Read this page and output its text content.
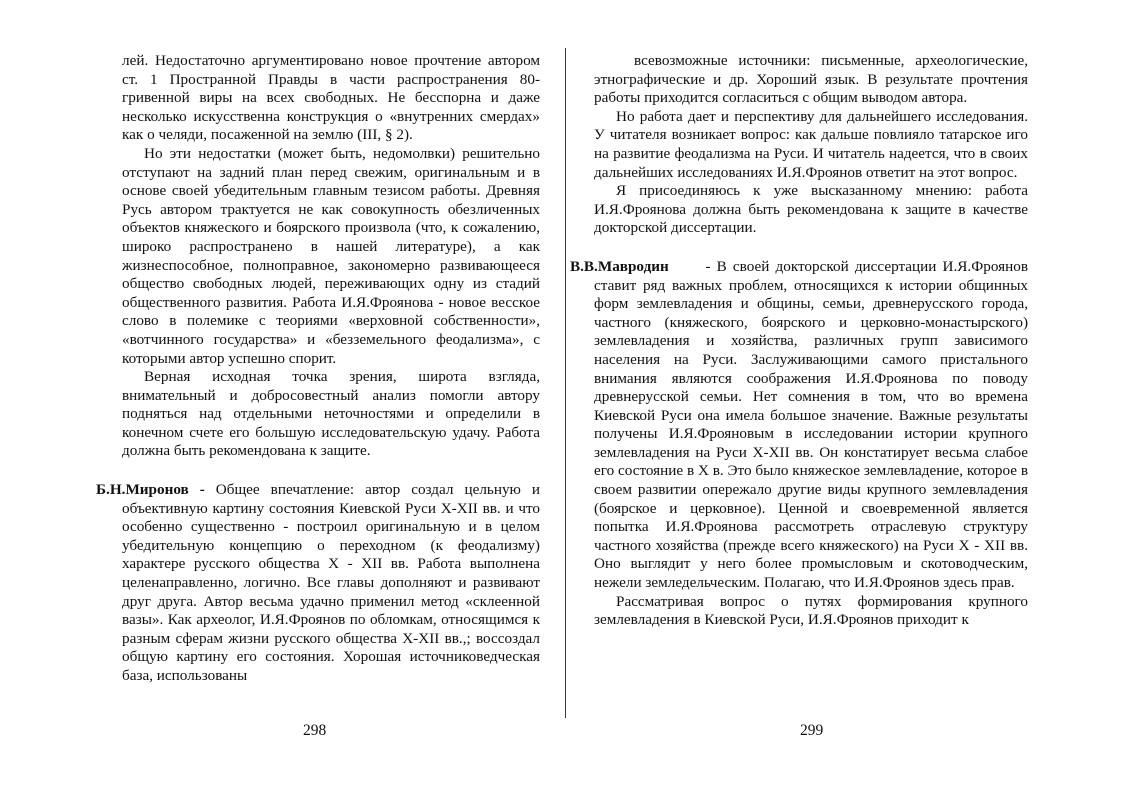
лей. Недостаточно аргументировано новое прочтение автором ст. 1 Пространной Правды в части распространения 80-гривенной виры на всех свободных. Не бесспорна и даже несколько искусственна конструкция о «внутренних смердах» как о челяди, посаженной на землю (III, § 2).

Но эти недостатки (может быть, недомолвки) решительно отступают на задний план перед свежим, оригинальным и в основе своей убедительным главным тезисом работы. Древняя Русь автором трактуется не как совокупность обезличенных объектов княжеского и боярского произвола (что, к сожалению, широко распространено в нашей литературе), а как жизнеспособное, полноправное, закономерно развивающееся общество свободных людей, переживающих одну из стадий общественного развития. Работа И.Я.Фроянова - новое весское слово в полемике с теориями «верховной собственности», «вотчинного государства» и «безземельного феодализма», с которыми автор успешно спорит.

Верная исходная точка зрения, широта взгляда, внимательный и добросовестный анализ помогли автору подняться над отдельными неточностями и определили в конечном счете его большую исследовательскую удачу. Работа должна быть рекомендована к защите.

Б.Н.Миронов - Общее впечатление: автор создал цельную и объективную картину состояния Киевской Руси X-XII вв. и что особенно существенно - построил оригинальную и в целом убедительную концепцию о переходном (к феодализму) характере русского общества X - XII вв. Работа выполнена целенаправленно, логично. Все главы дополняют и развивают друг друга. Автор весьма удачно применил метод «склеенной вазы». Как археолог, И.Я.Фроянов по обломкам, относящимся к разным сферам жизни русского общества X-XII вв.,; воссоздал общую картину его состояния. Хорошая источниковедческая база, использованы

всевозможные источники: письменные, археологические, этнографические и др. Хороший язык. В результате прочтения работы приходится согласиться с общим выводом автора.

Но работа дает и перспективу для дальнейшего исследования. У читателя возникает вопрос: как дальше повлияло татарское иго на развитие феодализма на Руси. И читатель надеется, что в своих дальнейших исследованиях И.Я.Фроянов ответит на этот вопрос.

Я присоединяюсь к уже высказанному мнению: работа И.Я.Фроянова должна быть рекомендована к защите в качестве докторской диссертации.

В.В.Мавродин - В своей докторской диссертации И.Я.Фроянов ставит ряд важных проблем, относящихся к истории общинных форм землевладения и общины, семьи, древнерусского города, частного (княжеского, боярского и церковно-монастырского) землевладения и хозяйства, различных групп зависимого населения на Руси. Заслуживающими самого пристального внимания являются соображения И.Я.Фроянова по поводу древнерусской семьи. Нет сомнения в том, что во времена Киевской Руси она имела большое значение. Важные результаты получены И.Я.Фрояновым в исследовании истории крупного землевладения на Руси X-XII вв. Он констатирует весьма слабое его состояние в X в. Это было княжеское землевладение, которое в своем развитии опережало другие виды крупного землевладения (боярское и церковное). Ценной и своевременной является попытка И.Я.Фроянова рассмотреть отраслевую структуру частного хозяйства (прежде всего княжеского) на Руси X - XII вв. Оно выглядит у него более промысловым и скотоводческим, нежели земледельческим. Полагаю, что И.Я.Фроянов здесь прав.

Рассматривая вопрос о путях формирования крупного землевладения в Киевской Руси, И.Я.Фроянов приходит к

298	299
